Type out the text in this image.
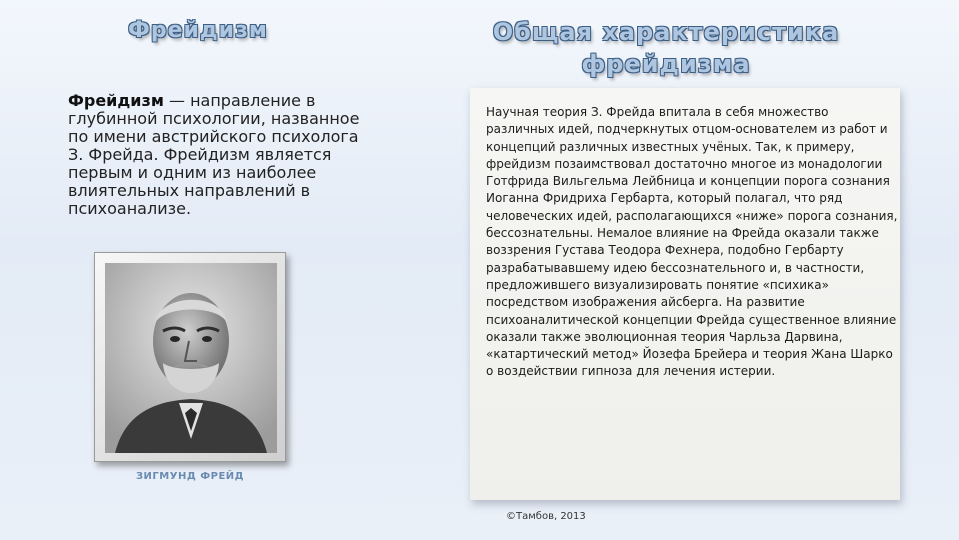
Фрейдизм	Общая характеристика фрейдизма

Фрейдизм — направление в глубинной психологии, названное по имени австрийского психолога З. Фрейда. Фрейдизм является первым и одним из наиболее влиятельных направлений в психоанализе.

ЗИГМУНД ФРЕЙД

Научная теория З. Фрейда впитала в себя множество различных идей, подчеркнутых отцом-основателем из работ и концепций различных известных учёных. Так, к примеру, фрейдизм позаимствовал достаточно многое из монадологии Готфрида Вильгельма Лейбница и концепции порога сознания Иоганна Фридриха Гербарта, который полагал, что ряд человеческих идей, располагающихся «ниже» порога сознания, бессознательны. Немалое влияние на Фрейда оказали также воззрения Густава Теодора Фехнера, подобно Гербарту разрабатывавшему идею бессознательного и, в частности, предложившего визуализировать понятие «психика» посредством изображения айсберга. На развитие психоаналитической концепции Фрейда существенное влияние оказали также эволюционная теория Чарльза Дарвина, «катартический метод» Йозефа Брейера и теория Жана Шарко о воздействии гипноза для лечения истерии.

©Тамбов, 2013
